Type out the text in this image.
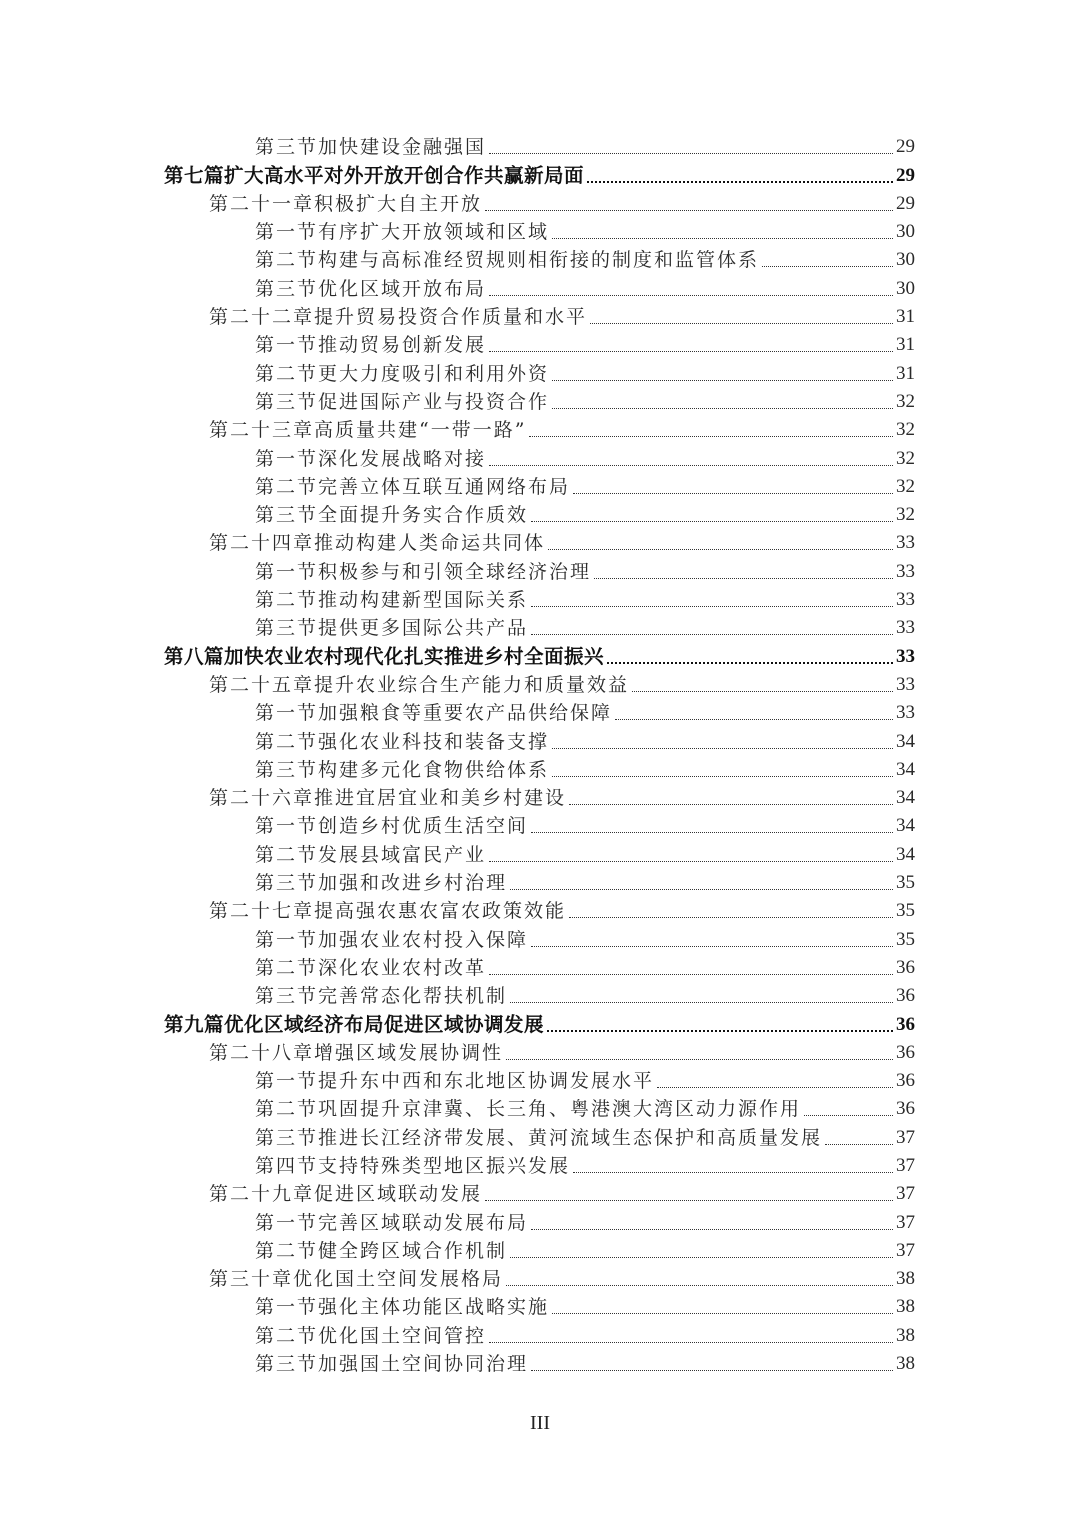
第三节加快建设金融强国	29
第七篇扩大高水平对外开放开创合作共赢新局面	29
第二十一章积极扩大自主开放	29
第一节有序扩大开放领域和区域	30
第二节构建与高标准经贸规则相衔接的制度和监管体系	30
第三节优化区域开放布局	30
第二十二章提升贸易投资合作质量和水平	31
第一节推动贸易创新发展	31
第二节更大力度吸引和利用外资	31
第三节促进国际产业与投资合作	32
第二十三章高质量共建“一带一路”	32
第一节深化发展战略对接	32
第二节完善立体互联互通网络布局	32
第三节全面提升务实合作质效	32
第二十四章推动构建人类命运共同体	33
第一节积极参与和引领全球经济治理	33
第二节推动构建新型国际关系	33
第三节提供更多国际公共产品	33
第八篇加快农业农村现代化扎实推进乡村全面振兴	33
第二十五章提升农业综合生产能力和质量效益	33
第一节加强粮食等重要农产品供给保障	33
第二节强化农业科技和装备支撑	34
第三节构建多元化食物供给体系	34
第二十六章推进宜居宜业和美乡村建设	34
第一节创造乡村优质生活空间	34
第二节发展县域富民产业	34
第三节加强和改进乡村治理	35
第二十七章提高强农惠农富农政策效能	35
第一节加强农业农村投入保障	35
第二节深化农业农村改革	36
第三节完善常态化帮扶机制	36
第九篇优化区域经济布局促进区域协调发展	36
第二十八章增强区域发展协调性	36
第一节提升东中西和东北地区协调发展水平	36
第二节巩固提升京津冀、长三角、粤港澳大湾区动力源作用	36
第三节推进长江经济带发展、黄河流域生态保护和高质量发展	37
第四节支持特殊类型地区振兴发展	37
第二十九章促进区域联动发展	37
第一节完善区域联动发展布局	37
第二节健全跨区域合作机制	37
第三十章优化国土空间发展格局	38
第一节强化主体功能区战略实施	38
第二节优化国土空间管控	38
第三节加强国土空间协同治理	38
III
